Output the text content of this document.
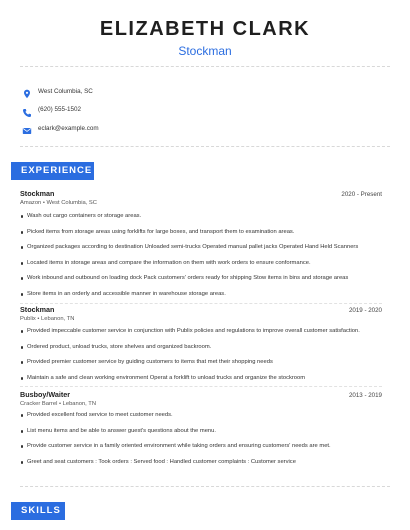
ELIZABETH CLARK
Stockman
West Columbia, SC
(620) 555-1502
eclark@example.com
EXPERIENCE
Stockman	2020 - Present
Amazon • West Columbia, SC
Wash out cargo containers or storage areas.
Picked items from storage areas using forklifts for large boxes, and transport them to examination areas.
Organized packages according to destination Unloaded semi-trucks Operated manual pallet jacks Operated Hand Held Scanners
Located items in storage areas and compare the information on them with work orders to ensure conformance.
Work inbound and outbound on loading dock Pack customers' orders ready for shipping Stow items in bins and storage areas
Store items in an orderly and accessible manner in warehouse storage areas.
Stockman	2019 - 2020
Publix • Lebanon, TN
Provided impeccable customer service in conjunction with Publix policies and regulations to improve overall customer satisfaction.
Ordered product, unload trucks, store shelves and organized backroom.
Provided premier customer service by guiding customers to items that met their shopping needs
Maintain a safe and clean working environment Operat a forklift to unload trucks and organize the stockroom
Busboy/Waiter	2013 - 2019
Cracker Barrel • Lebanon, TN
Provided excellent food service to meet customer needs.
List menu items and be able to answer guest's questions about the menu.
Provide customer service in a family oriented environment while taking orders and ensuring customers' needs are met.
Greet and seat customers : Took orders : Served food : Handled customer complaints : Customer service
SKILLS
